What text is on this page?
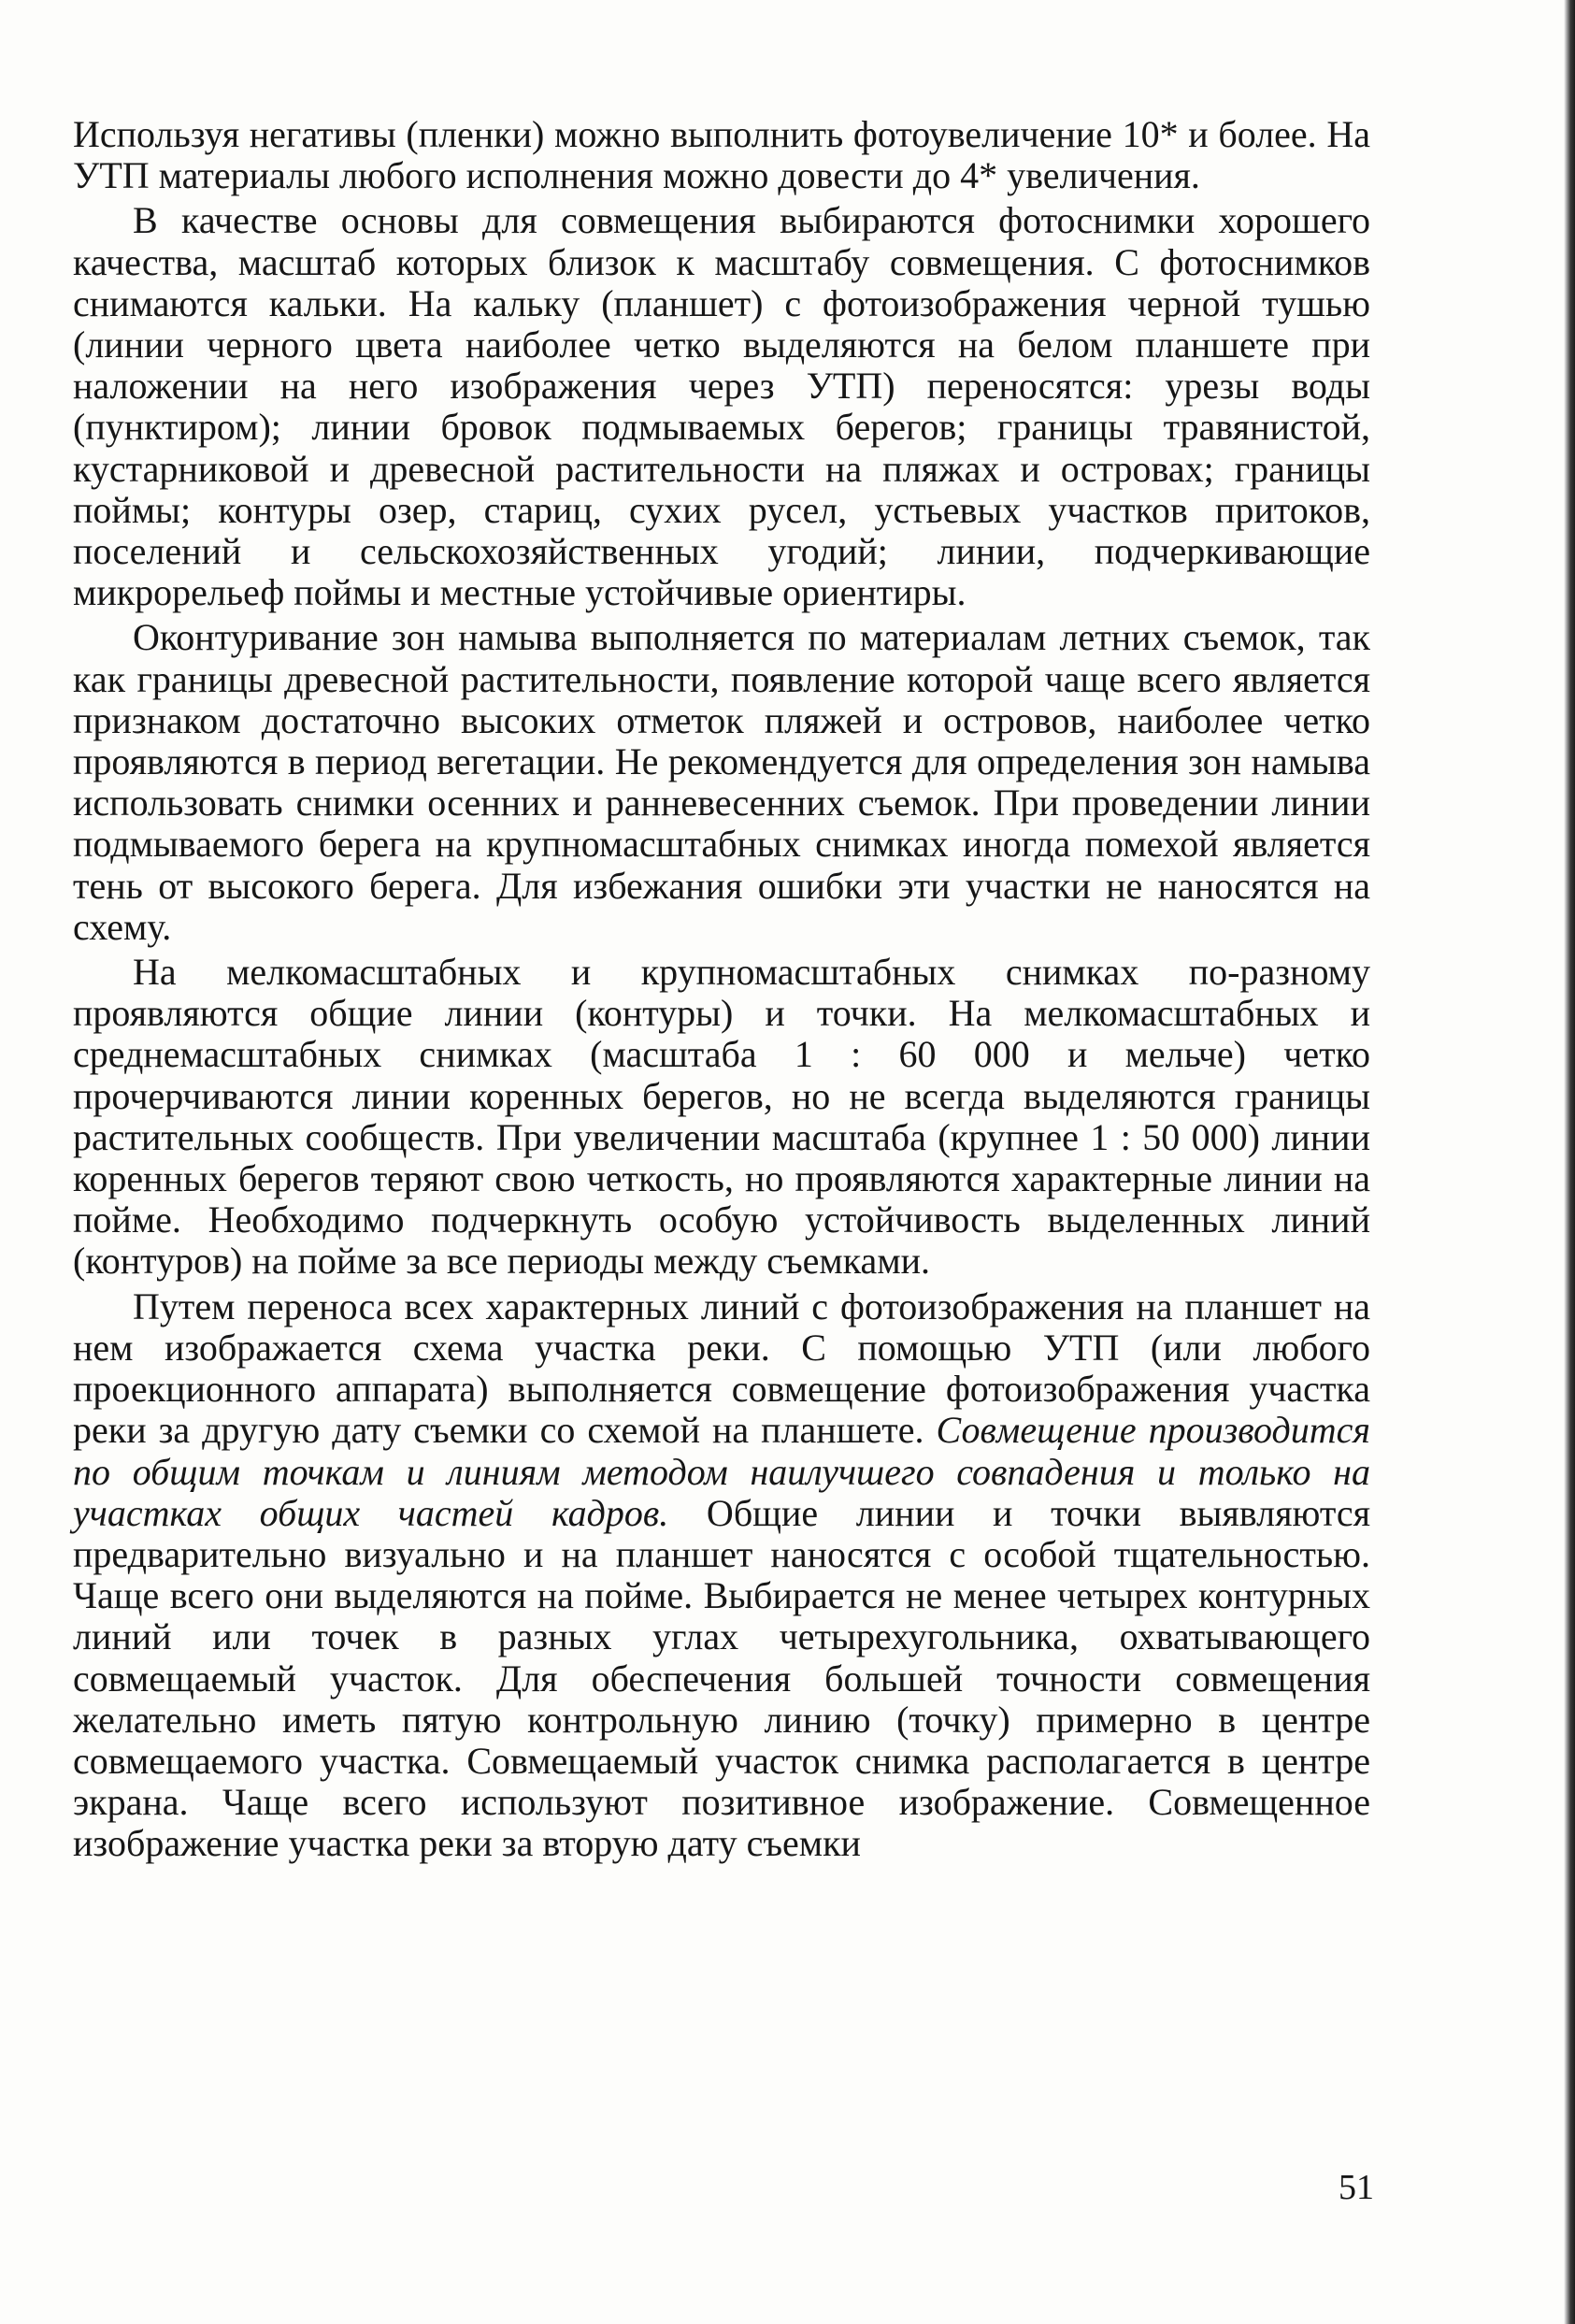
Используя негативы (пленки) можно выполнить фотоувеличение 10* и более. На УТП материалы любого исполнения можно довести до 4* увеличения.

В качестве основы для совмещения выбираются фотоснимки хорошего качества, масштаб которых близок к масштабу совмещения. С фотоснимков снимаются кальки. На кальку (планшет) с фотоизображения черной тушью (линии черного цвета наиболее четко выделяются на белом планшете при наложении на него изображения через УТП) переносятся: урезы воды (пунктиром); линии бровок подмываемых берегов; границы травянистой, кустарниковой и древесной растительности на пляжах и островах; границы поймы; контуры озер, стариц, сухих русел, устьевых участков притоков, поселений и сельскохозяйственных угодий; линии, подчеркивающие микрорельеф поймы и местные устойчивые ориентиры.

Оконтуривание зон намыва выполняется по материалам летних съемок, так как границы древесной растительности, появление которой чаще всего является признаком достаточно высоких отметок пляжей и островов, наиболее четко проявляются в период вегетации. Не рекомендуется для определения зон намыва использовать снимки осенних и ранневесенних съемок. При проведении линии подмываемого берега на крупномасштабных снимках иногда помехой является тень от высокого берега. Для избежания ошибки эти участки не наносятся на схему.

На мелкомасштабных и крупномасштабных снимках по-разному проявляются общие линии (контуры) и точки. На мелкомасштабных и среднемасштабных снимках (масштаба 1 : 60 000 и мельче) четко прочерчиваются линии коренных берегов, но не всегда выделяются границы растительных сообществ. При увеличении масштаба (крупнее 1 : 50 000) линии коренных берегов теряют свою четкость, но проявляются характерные линии на пойме. Необходимо подчеркнуть особую устойчивость выделенных линий (контуров) на пойме за все периоды между съемками.

Путем переноса всех характерных линий с фотоизображения на планшет на нем изображается схема участка реки. С помощью УТП (или любого проекционного аппарата) выполняется совмещение фотоизображения участка реки за другую дату съемки со схемой на планшете. Совмещение производится по общим точкам и линиям методом наилучшего совпадения и только на участках общих частей кадров. Общие линии и точки выявляются предварительно визуально и на планшет наносятся с особой тщательностью. Чаще всего они выделяются на пойме. Выбирается не менее четырех контурных линий или точек в разных углах четырехугольника, охватывающего совмещаемый участок. Для обеспечения большей точности совмещения желательно иметь пятую контрольную линию (точку) примерно в центре совмещаемого участка. Совмещаемый участок снимка располагается в центре экрана. Чаще всего используют позитивное изображение. Совмещенное изображение участка реки за вторую дату съемки

51
